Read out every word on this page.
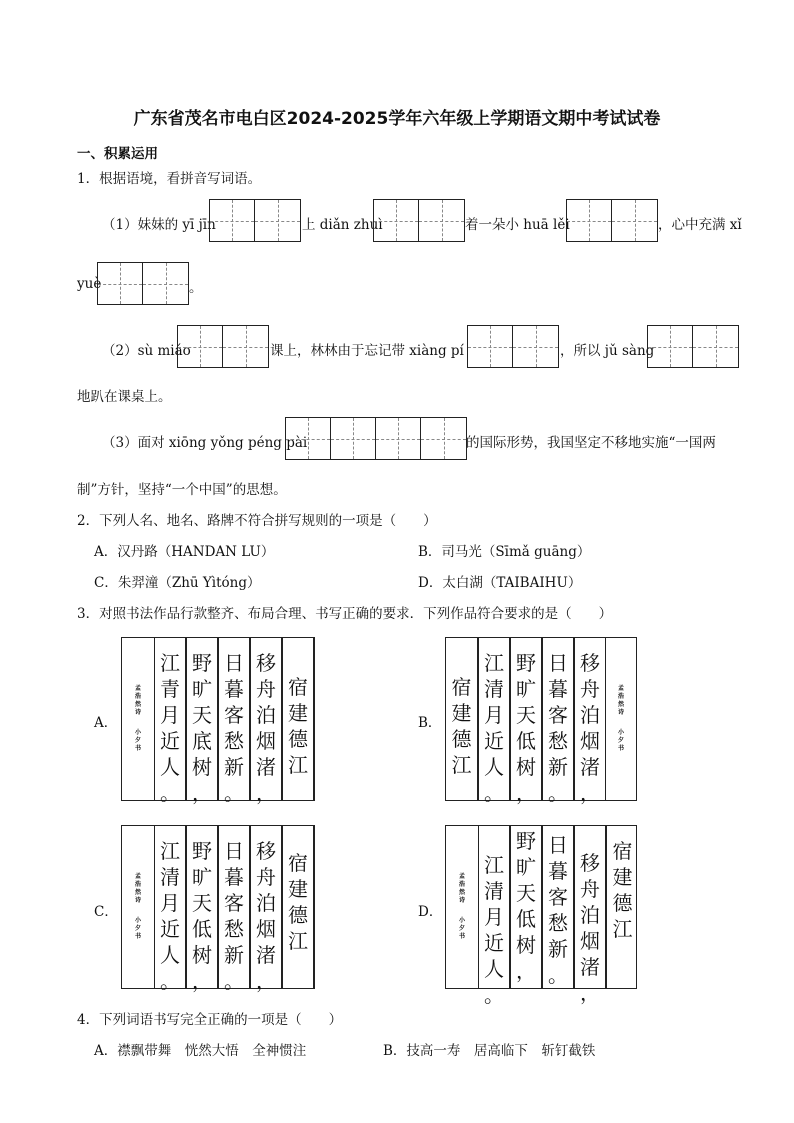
广东省茂名市电白区2024-2025学年六年级上学期语文期中考试试卷
一、积累运用
1．根据语境，看拼音写词语。
（1）妹妹的 yī jīn	上 diǎn zhuì	着一朵小 huā lěi	，心中充满 xǐ
yuè	。
（2）sù miáo	课上，林林由于忘记带 xiàng pí	，所以 jǔ sàng
地趴在课桌上。
（3）面对 xiōng yǒng péng pài	的国际形势，我国坚定不移地实施“一国两
制”方针，坚持“一个中国”的思想。
2．下列人名、地名、路牌不符合拼写规则的一项是（　　）
A．汉丹路（HANDAN LU）	B．司马光（Sīmǎ guāng）
C．朱羿潼（Zhū Yìtóng）	D．太白湖（TAIBAIHU）
3．对照书法作品行款整齐、布局合理、书写正确的要求．下列作品符合要求的是（　　）
A．
孟
浩
然
诗
小
夕
书
江
青
月
近
人
。
野
旷
天
底
树
，
日
暮
客
愁
新
。
移
舟
泊
烟
渚
，
宿
建
德
江
B．
宿
建
德
江
江
清
月
近
人
。
野
旷
天
低
树
，
日
暮
客
愁
新
。
移
舟
泊
烟
渚
，
孟
浩
然
诗
小
夕
书
C．
孟
浩
然
诗
小
夕
书
江
清
月
近
人
。
野
旷
天
低
树
，
日
暮
客
愁
新
。
移
舟
泊
烟
渚
，
宿
建
德
江
D．
孟
浩
然
诗
小
夕
书
江
清
月
近
人
。
野
旷
天
低
树
，
日
暮
客
愁
新
。
移
舟
泊
烟
渚
，
宿
建
德
江
4．下列词语书写完全正确的一项是（　　）
A．襟飘带舞　恍然大悟　全神惯注	B．技高一寿　居高临下　斩钉截铁
